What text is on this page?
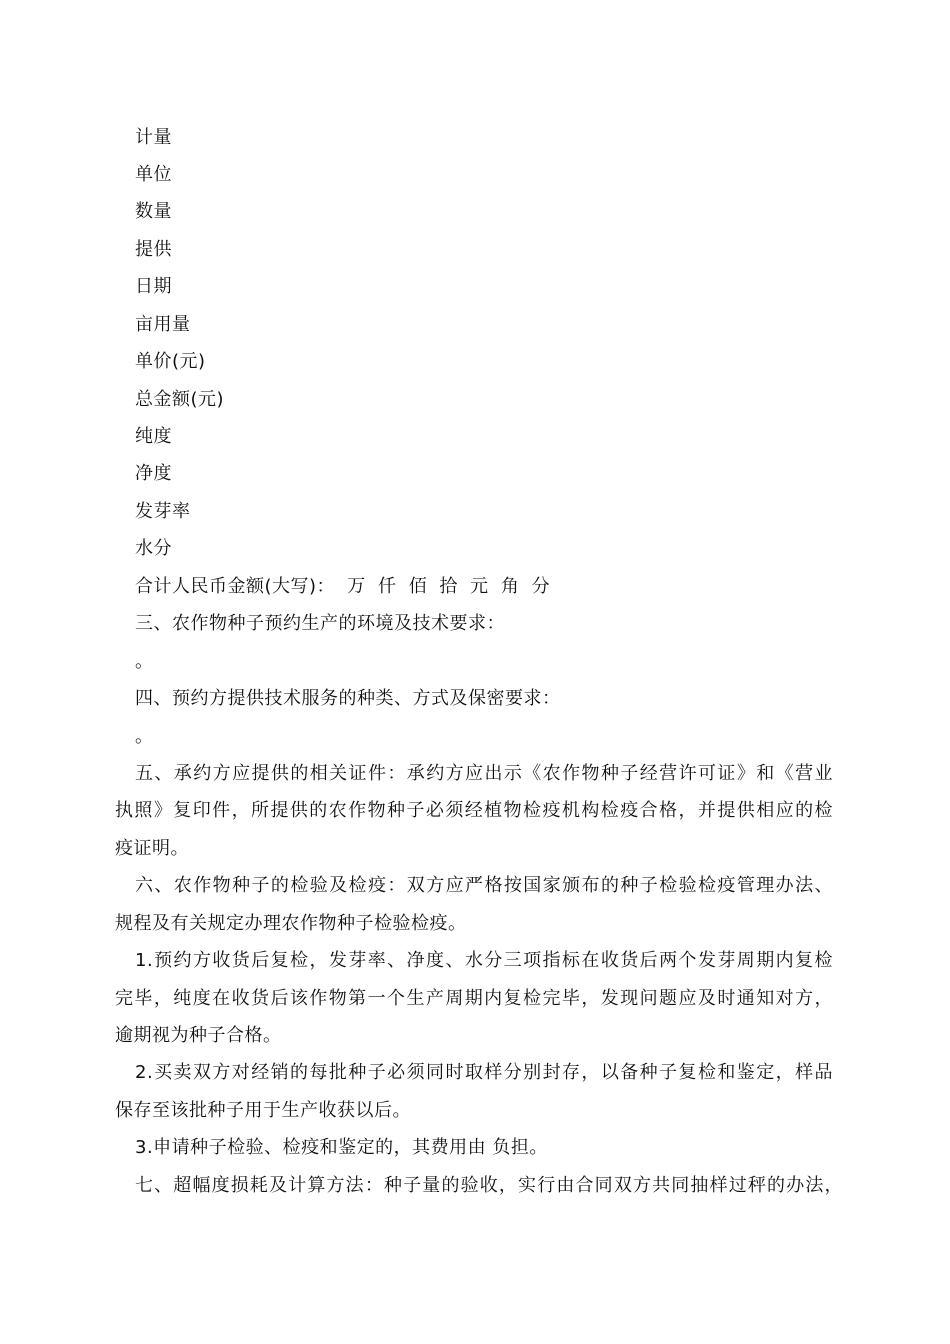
计量
单位
数量
提供
日期
亩用量
单价(元)
总金额(元)
纯度
净度
发芽率
水分
合计人民币金额(大写)： 万 仟 佰 拾 元 角 分
三、农作物种子预约生产的环境及技术要求：
。
四、预约方提供技术服务的种类、方式及保密要求：
。
五、承约方应提供的相关证件：承约方应出示《农作物种子经营许可证》和《营业
执照》复印件，所提供的农作物种子必须经植物检疫机构检疫合格，并提供相应的检
疫证明。
六、农作物种子的检验及检疫：双方应严格按国家颁布的种子检验检疫管理办法、
规程及有关规定办理农作物种子检验检疫。
1.预约方收货后复检，发芽率、净度、水分三项指标在收货后两个发芽周期内复检
完毕，纯度在收货后该作物第一个生产周期内复检完毕，发现问题应及时通知对方，
逾期视为种子合格。
2.买卖双方对经销的每批种子必须同时取样分别封存，以备种子复检和鉴定，样品
保存至该批种子用于生产收获以后。
3.申请种子检验、检疫和鉴定的，其费用由 负担。
七、超幅度损耗及计算方法：种子量的验收，实行由合同双方共同抽样过秤的办法，
